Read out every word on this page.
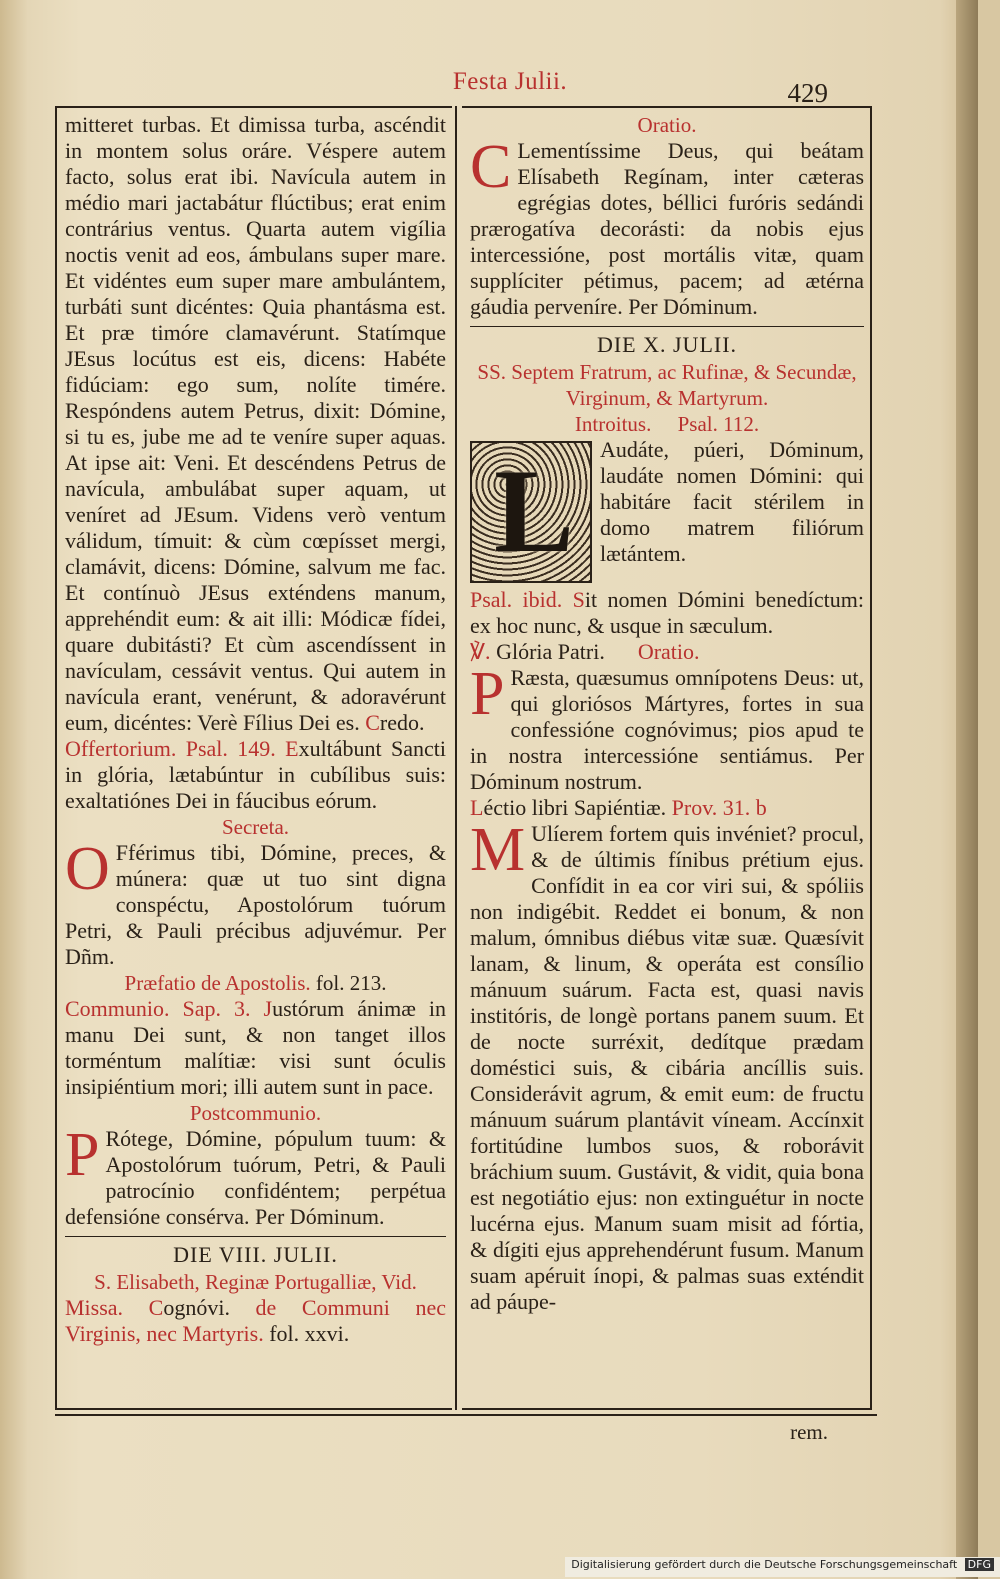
Festa Julii.	429
mitteret turbas. Et dimissa turba, ascéndit in montem solus oráre. Véspere autem facto, solus erat ibi. Navícula autem in médio mari jactabátur flúctibus; erat enim contrárius ventus. Quarta autem vigília noctis venit ad eos, ámbulans super mare. Et vidéntes eum super mare ambulántem, turbáti sunt dicéntes: Quia phantásma est. Et præ timóre clamavérunt. Statímque JEsus locútus est eis, dicens: Habéte fidúciam: ego sum, nolíte timére. Respóndens autem Petrus, dixit: Dómine, si tu es, jube me ad te veníre super aquas. At ipse ait: Veni. Et descéndens Petrus de navícula, ambulábat super aquam, ut veníret ad JEsum. Videns verò ventum válidum, tímuit: & cùm cœpísset mergi, clamávit, dicens: Dómine, salvum me fac. Et contínuò JEsus exténdens manum, apprehéndit eum: & ait illi: Módicæ fídei, quare dubitásti? Et cùm ascendíssent in navículam, cessávit ventus. Qui autem in navícula erant, venérunt, & adoravérunt eum, dicéntes: Verè Fílius Dei es. Credo.
Offertorium. Psal. 149. Exultábunt Sancti in glória, lætabúntur in cubílibus suis: exaltatiónes Dei in fáucibus eórum.
Secreta.
O Fférimus tibi, Dómine, preces, & múnera: quæ ut tuo sint digna conspéctu, Apostolórum tuórum Petri, & Pauli précibus adjuvémur. Per Dñm.
Præfatio de Apostolis. fol. 213.
Communio. Sap. 3. Justórum ánimæ in manu Dei sunt, & non tanget illos torméntum malítiæ: visi sunt óculis insipiéntium mori; illi autem sunt in pace.
Postcommunio.
P Rótege, Dómine, pópulum tuum: & Apostolórum tuórum, Petri, & Pauli patrocínio confidéntem; perpétua defensióne consérva. Per Dóminum.
DIE VIII. JULII.
S. Elisabeth, Reginæ Portugalliæ, Vid.
Missa. Cognóvi. de Communi nec Virginis, nec Martyris. fol. xxvi.
Oratio.
C Lementíssime Deus, qui beátam Elísabeth Regínam, inter cæteras egrégias dotes, béllici furóris sedándi prærogatíva decorásti: da nobis ejus intercessióne, post mortális vitæ, quam supplíciter pétimus, pacem; ad ætérna gáudia perveníre. Per Dóminum.
DIE X. JULII.
SS. Septem Fratrum, ac Rufinæ, & Secundæ, Virginum, & Martyrum.
Introitus. Psal. 112.
L Audáte, púeri, Dóminum, laudáte nomen Dómini: qui habitáre facit stérilem in domo matrem filiórum lætántem.
Psal. ibid. Sit nomen Dómini benedíctum: ex hoc nunc, & usque in sæculum.
℣. Glória Patri. Oratio.
P Ræsta, quæsumus omnípotens Deus: ut, qui gloriósos Mártyres, fortes in sua confessióne cognóvimus; pios apud te in nostra intercessióne sentiámus. Per Dóminum nostrum.
Léctio libri Sapiéntiæ. Prov. 31. b
M Ulíerem fortem quis invéniet? procul, & de últimis fínibus prétium ejus. Confídit in ea cor viri sui, & spóliis non indigébit. Reddet ei bonum, & non malum, ómnibus diébus vitæ suæ. Quæsívit lanam, & linum, & operáta est consílio mánuum suárum. Facta est, quasi navis institóris, de longè portans panem suum. Et de nocte surréxit, dedítque prædam doméstici suis, & cibária ancíllis suis. Considerávit agrum, & emit eum: de fructu mánuum suárum plantávit víneam. Accínxit fortitúdine lumbos suos, & roborávit bráchium suum. Gustávit, & vidit, quia bona est negotiátio ejus: non extinguétur in nocte lucérna ejus. Manum suam misit ad fórtia, & dígiti ejus apprehendérunt fusum. Manum suam apéruit ínopi, & palmas suas exténdit ad páupe-
rem.
Digitalisierung gefördert durch die Deutsche Forschungsgemeinschaft DFG
